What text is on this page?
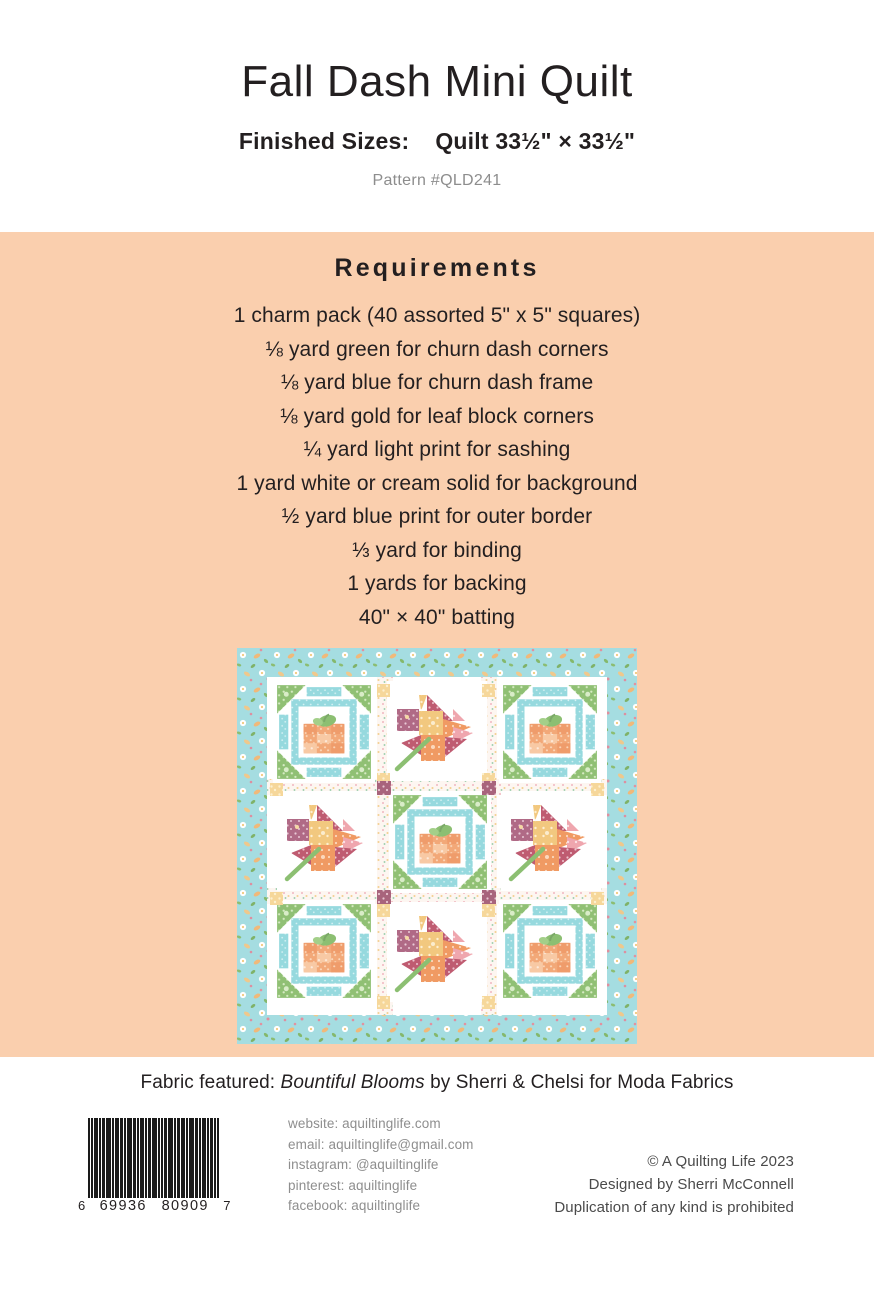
Fall Dash Mini Quilt
Finished Sizes: Quilt 33½" × 33½"
Pattern #QLD241
Requirements
1 charm pack (40 assorted 5" x 5" squares)
⅛ yard green for churn dash corners
⅛ yard blue for churn dash frame
⅛ yard gold for leaf block corners
¼ yard light print for sashing
1 yard white or cream solid for background
½ yard blue print for outer border
⅓ yard for binding
1 yards for backing
40" × 40" batting
Fabric featured: Bountiful Blooms by Sherri & Chelsi for Moda Fabrics
6 69936 80909 7
website: aquiltinglife.com
email: aquiltinglife@gmail.com
instagram: @aquiltinglife
pinterest: aquiltinglife
facebook: aquiltinglife
© A Quilting Life 2023
Designed by Sherri McConnell
Duplication of any kind is prohibited
